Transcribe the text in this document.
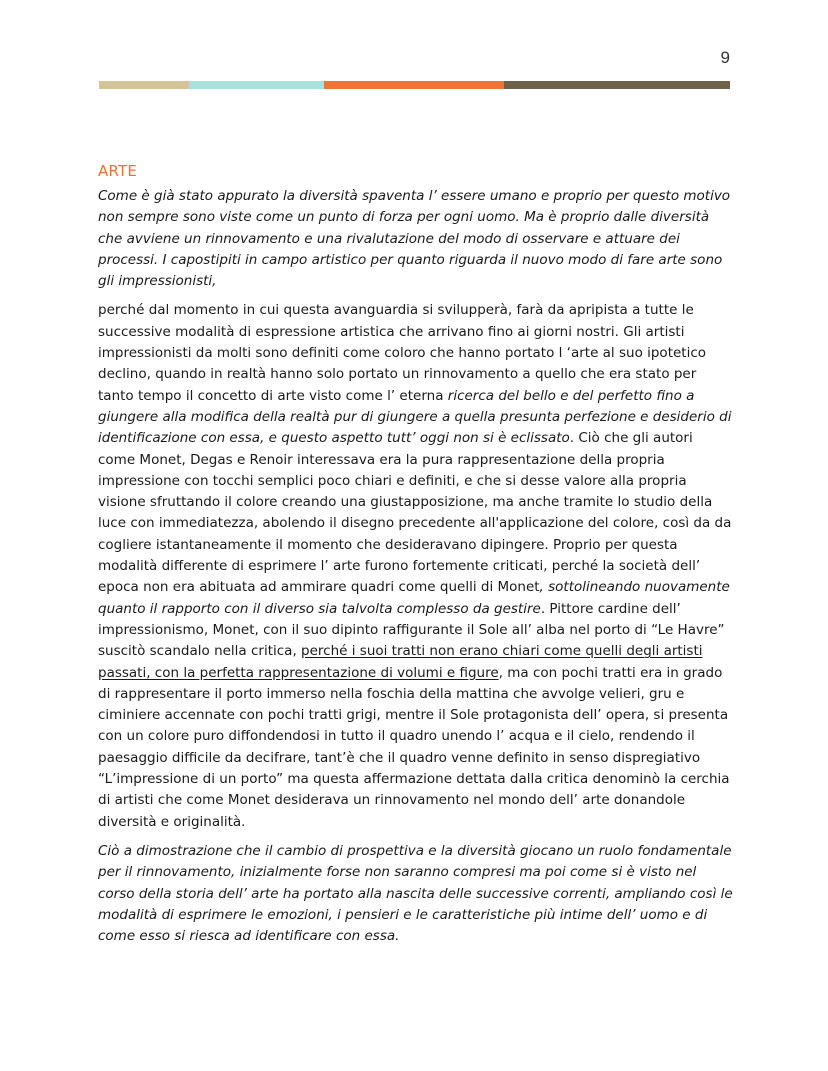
9
ARTE

Come è già stato appurato la diversità spaventa l’ essere umano e proprio per questo motivo non sempre sono viste come un punto di forza per ogni uomo. Ma è proprio dalle diversità che avviene un rinnovamento e una rivalutazione del modo di osservare e attuare dei processi. I capostipiti in campo artistico per quanto riguarda il nuovo modo di fare arte sono gli impressionisti,

perché dal momento in cui questa avanguardia si svilupperà, farà da apripista a tutte le successive modalità di espressione artistica che arrivano fino ai giorni nostri. Gli artisti impressionisti da molti sono definiti come coloro che hanno portato l ‘arte al suo ipotetico declino, quando in realtà hanno solo portato un rinnovamento a quello che era stato per tanto tempo il concetto di arte visto come l’ eterna ricerca del bello e del perfetto fino a giungere alla modifica della realtà pur di giungere a quella presunta perfezione e desiderio di identificazione con essa, e questo aspetto tutt’ oggi non si è eclissato. Ciò che gli autori come Monet, Degas e Renoir interessava era la pura rappresentazione della propria impressione con tocchi semplici poco chiari e definiti, e che si desse valore alla propria visione sfruttando il colore creando una giustapposizione, ma anche tramite lo studio della luce con immediatezza, abolendo il disegno precedente all'applicazione del colore, così da da cogliere istantaneamente il momento che desideravano dipingere. Proprio per questa modalità differente di esprimere l’ arte furono fortemente criticati, perché la società dell’ epoca non era abituata ad ammirare quadri come quelli di Monet, sottolineando nuovamente quanto il rapporto con il diverso sia talvolta complesso da gestire. Pittore cardine dell’ impressionismo, Monet, con il suo dipinto raffigurante il Sole all’ alba nel porto di “Le Havre” suscitò scandalo nella critica, perché i suoi tratti non erano chiari come quelli degli artisti passati, con la perfetta rappresentazione di volumi e figure, ma con pochi tratti era in grado di rappresentare il porto immerso nella foschia della mattina che avvolge velieri, gru e ciminiere accennate con pochi tratti grigi, mentre il Sole protagonista dell’ opera, si presenta con un colore puro diffondendosi in tutto il quadro unendo l’ acqua e il cielo, rendendo il paesaggio difficile da decifrare, tant’è che il quadro venne definito in senso dispregiativo “L’impressione di un porto” ma questa affermazione dettata dalla critica denominò la cerchia di artisti che come Monet desiderava un rinnovamento nel mondo dell’ arte donandole diversità e originalità.

Ciò a dimostrazione che il cambio di prospettiva e la diversità giocano un ruolo fondamentale per il rinnovamento, inizialmente forse non saranno compresi ma poi come si è visto nel corso della storia dell’ arte ha portato alla nascita delle successive correnti, ampliando così le modalità di esprimere le emozioni, i pensieri e le caratteristiche più intime dell’ uomo e di come esso si riesca ad identificare con essa.
